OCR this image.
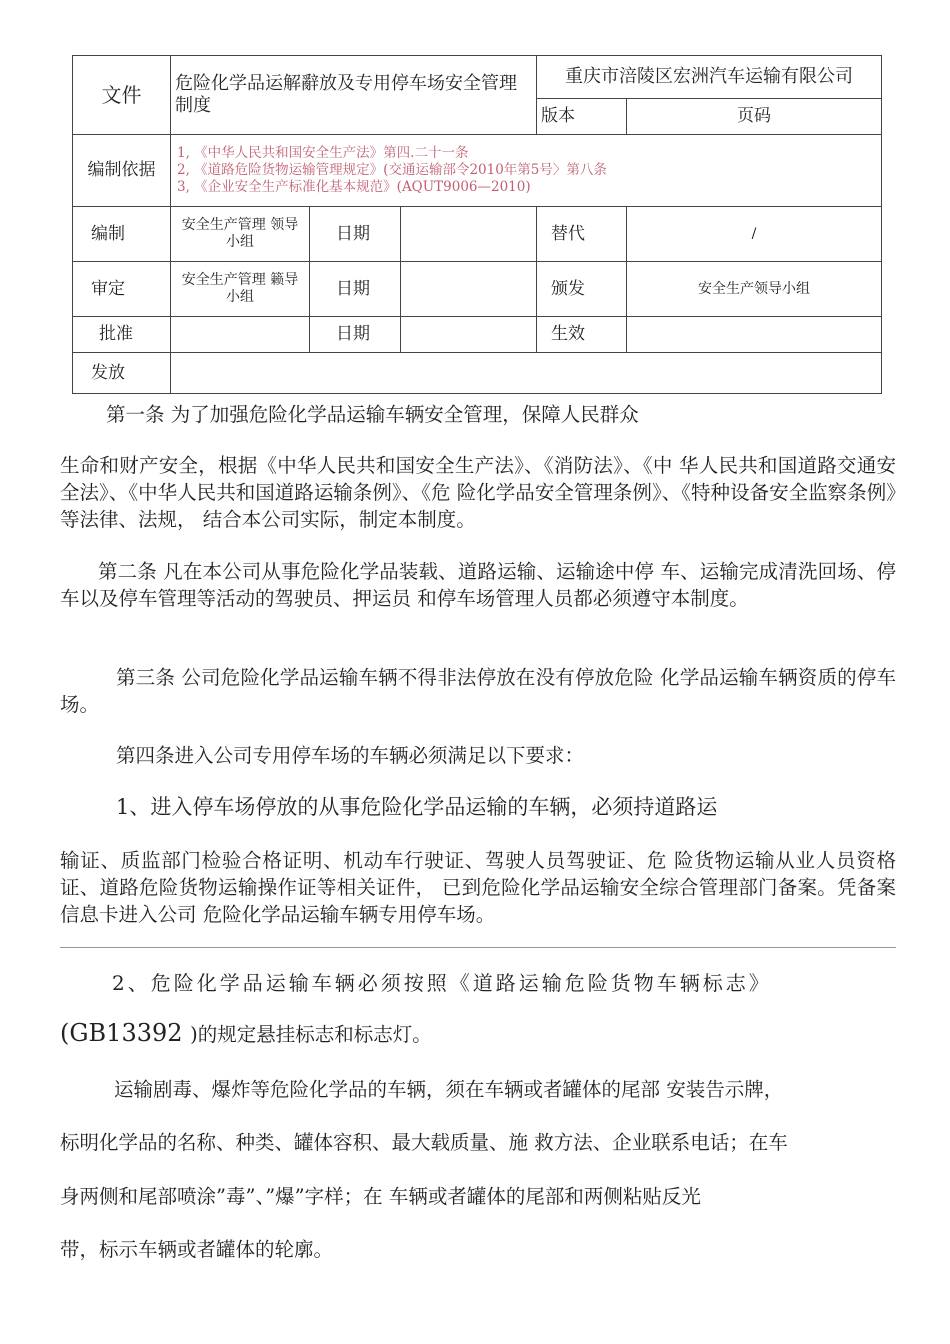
文件	危险化学品运解辭放及专用停车场安全管理制度			重庆市涪陵区宏洲汽车运输有限公司	
				版本	页码
编制依据	1, 《中华人民共和国安全生产法》第四.二十一条
2, 《道路危险货物运输管理规定》(交通运输部令2010年第5号〉第八条
3, 《企业安全生产标准化基本规范》(AQUT9006—2010)				

编制	安全生产管理 领导小组	日期		替代	/
审定	安全生产管理 籁导小组	日期		颁发	安全生产领导小组
批准		日期		生效	
发放					

第一条 为了加强危险化学品运输车辆安全管理，保障人民群众

生命和财产安全，根据《中华人民共和国安全生产法》、《消防法》、《中 华人民共和国道路交通安全法》、《中华人民共和国道路运输条例》、《危 险化学品安全管理条例》、《特种设备安全监察条例》等法律、法规， 结合本公司实际，制定本制度。

第二条 凡在本公司从事危险化学品装载、道路运输、运输途中停 车、运输完成清洗回场、停车以及停车管理等活动的驾驶员、押运员 和停车场管理人员都必须遵守本制度。

第三条 公司危险化学品运输车辆不得非法停放在没有停放危险 化学品运输车辆资质的停车场。

第四条进入公司专用停车场的车辆必须满足以下要求：

1、进入停车场停放的从事危险化学品运输的车辆，必须持道路运

输证、质监部门检验合格证明、机动车行驶证、驾驶人员驾驶证、危 险货物运输从业人员资格证、道路危险货物运输操作证等相关证件， 已到危险化学品运输安全综合管理部门备案。凭备案信息卡进入公司 危险化学品运输车辆专用停车场。

2、危险化学品运输车辆必须按照《道路运输危险货物车辆标志》

(GB13392 )的规定悬挂标志和标志灯。

运输剧毒、爆炸等危险化学品的车辆，须在车辆或者罐体的尾部 安装告示牌，

标明化学品的名称、种类、罐体容积、最大载质量、施 救方法、企业联系电话；在车

身两侧和尾部喷涂”毒”、”爆”字样；在 车辆或者罐体的尾部和两侧粘贴反光

带，标示车辆或者罐体的轮廓。
